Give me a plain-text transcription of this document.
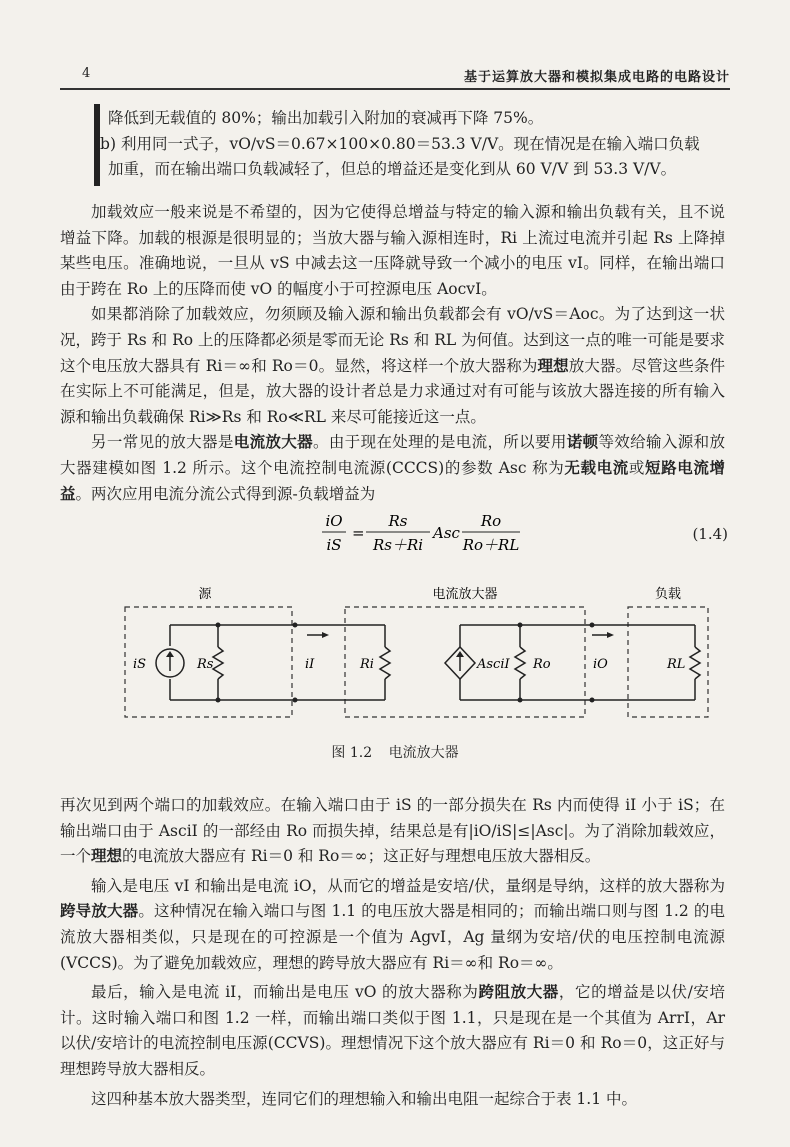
4	基于运算放大器和模拟集成电路的电路设计

降低到无载值的 80%；输出加载引入附加的衰减再下降 75%。

(b) 利用同一式子，vO/vS＝0.67×100×0.80＝53.3 V/V。现在情况是在输入端口负载

加重，而在输出端口负载减轻了，但总的增益还是变化到从 60 V/V 到 53.3 V/V。

加载效应一般来说是不希望的，因为它使得总增益与特定的输入源和输出负载有关，且不说增益下降。加载的根源是很明显的；当放大器与输入源相连时，Ri 上流过电流并引起 Rs 上降掉某些电压。准确地说，一旦从 vS 中减去这一压降就导致一个减小的电压 vI。同样，在输出端口由于跨在 Ro 上的压降而使 vO 的幅度小于可控源电压 AocvI。

如果都消除了加载效应，勿须顾及输入源和输出负载都会有 vO/vS＝Aoc。为了达到这一状况，跨于 Rs 和 Ro 上的压降都必须是零而无论 Rs 和 RL 为何值。达到这一点的唯一可能是要求这个电压放大器具有 Ri＝∞和 Ro＝0。显然，将这样一个放大器称为理想放大器。尽管这些条件在实际上不可能满足，但是，放大器的设计者总是力求通过对有可能与该放大器连接的所有输入源和输出负载确保 Ri≫Rs 和 Ro≪RL 来尽可能接近这一点。

另一常见的放大器是电流放大器。由于现在处理的是电流，所以要用诺顿等效给输入源和放大器建模如图 1.2 所示。这个电流控制电流源(CCCS)的参数 Asc 称为无载电流或短路电流增益。两次应用电流分流公式得到源-负载增益为

iO
iS
=
Rs
Rs＋Ri
Asc
Ro
Ro＋RL
(1.4)
源	电流放大器	负载
iS	Rs	iI	Ri	AsciI Ro	iO	RL
图 1.2 电流放大器

再次见到两个端口的加载效应。在输入端口由于 iS 的一部分损失在 Rs 内而使得 iI 小于 iS；在输出端口由于 AsciI 的一部经由 Ro 而损失掉，结果总是有|iO/iS|≤|Asc|。为了消除加载效应，一个理想的电流放大器应有 Ri＝0 和 Ro＝∞；这正好与理想电压放大器相反。

输入是电压 vI 和输出是电流 iO，从而它的增益是安培/伏，量纲是导纳，这样的放大器称为跨导放大器。这种情况在输入端口与图 1.1 的电压放大器是相同的；而输出端口则与图 1.2 的电流放大器相类似，只是现在的可控源是一个值为 AgvI，Ag 量纲为安培/伏的电压控制电流源(VCCS)。为了避免加载效应，理想的跨导放大器应有 Ri＝∞和 Ro＝∞。

最后，输入是电流 iI，而输出是电压 vO 的放大器称为跨阻放大器，它的增益是以伏/安培计。这时输入端口和图 1.2 一样，而输出端口类似于图 1.1，只是现在是一个其值为 ArrI，Ar 以伏/安培计的电流控制电压源(CCVS)。理想情况下这个放大器应有 Ri＝0 和 Ro＝0，这正好与理想跨导放大器相反。

这四种基本放大器类型，连同它们的理想输入和输出电阻一起综合于表 1.1 中。
